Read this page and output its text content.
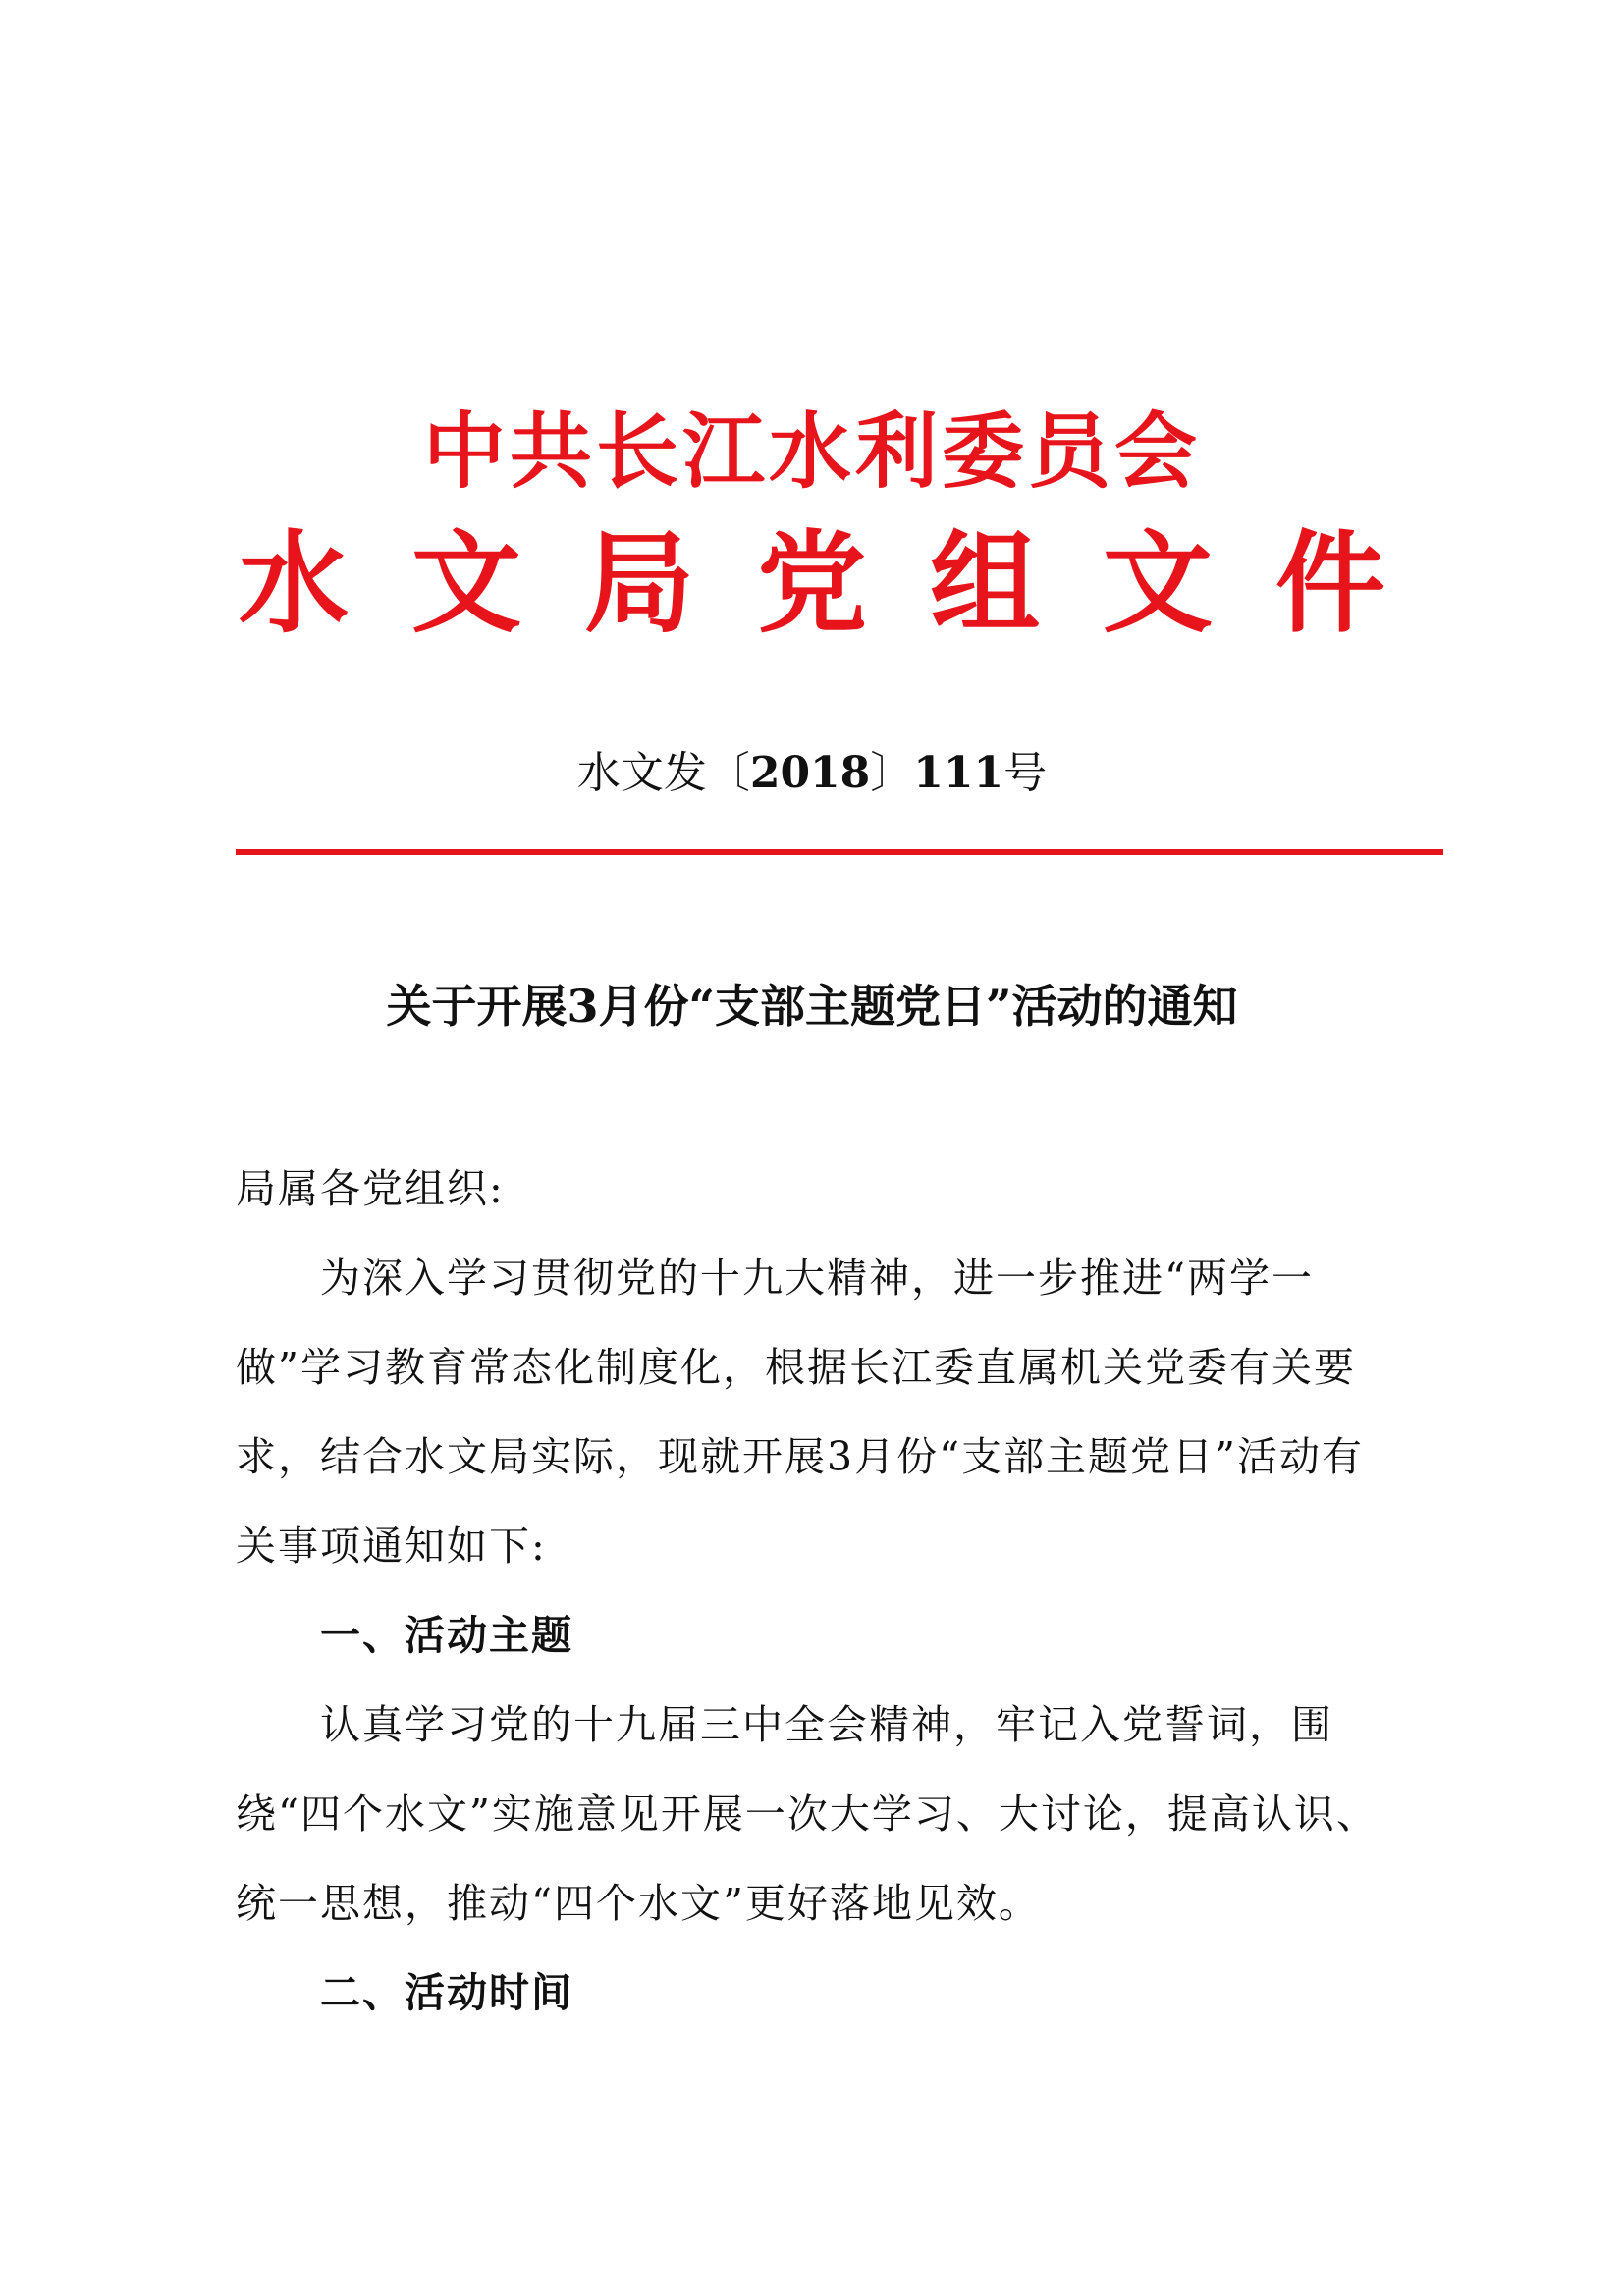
中共长江水利委员会
水文局党组文件
水文发〔2018〕111号
关于开展3月份“支部主题党日”活动的通知
局属各党组织:
为深入学习贯彻党的十九大精神，进一步推进“两学一做”学习教育常态化制度化，根据长江委直属机关党委有关要求，结合水文局实际，现就开展3月份“支部主题党日”活动有关事项通知如下:
一、活动主题
认真学习党的十九届三中全会精神，牢记入党誓词，围绕“四个水文”实施意见开展一次大学习、大讨论，提高认识、统一思想，推动“四个水文”更好落地见效。
二、活动时间
